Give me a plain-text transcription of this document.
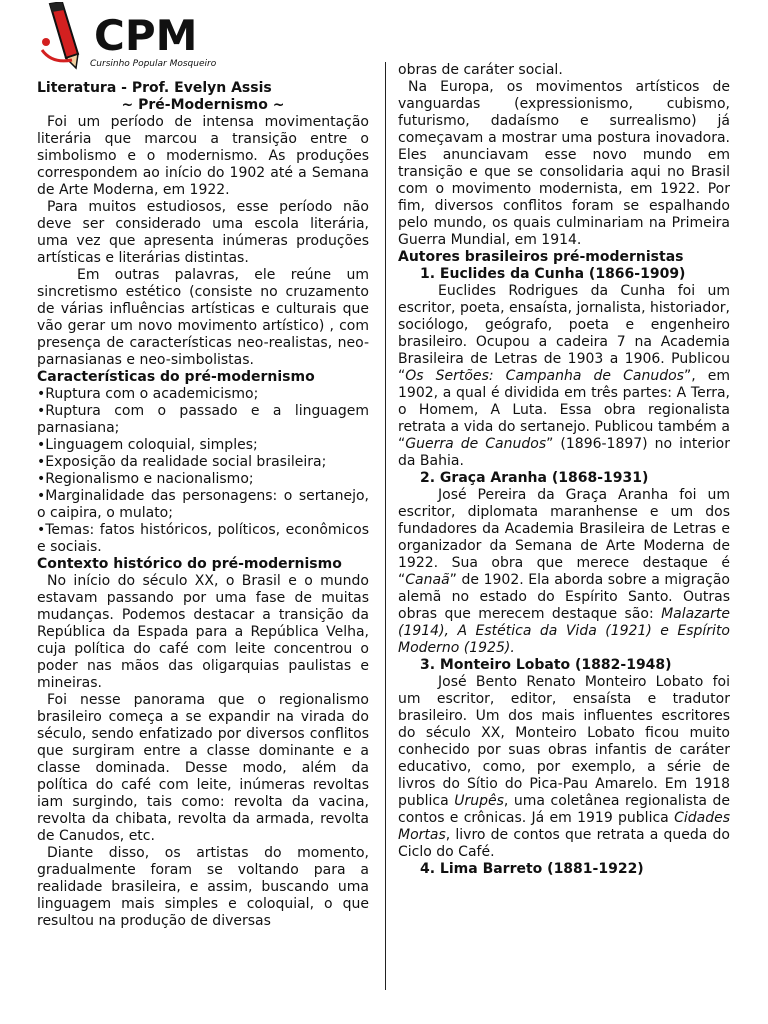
CPM
Cursinho Popular Mosqueiro

Literatura - Prof. Evelyn Assis

~ Pré-Modernismo ~

Foi um período de intensa movimentação literária que marcou a transição entre o simbolismo e o modernismo. As produções correspondem ao início do 1902 até a Semana de Arte Moderna, em 1922.

Para muitos estudiosos, esse período não deve ser considerado uma escola literária, uma vez que apresenta inúmeras produções artísticas e literárias distintas.

Em outras palavras, ele reúne um sincretismo estético (consiste no cruzamento de várias influências artísticas e culturais que vão gerar um novo movimento artístico) , com presença de características neo-realistas, neo-parnasianas e neo-simbolistas.

Características do pré-modernismo

•Ruptura com o academicismo;

•Ruptura com o passado e a linguagem parnasiana;

•Linguagem coloquial, simples;

•Exposição da realidade social brasileira;

•Regionalismo e nacionalismo;

•Marginalidade das personagens: o sertanejo, o caipira, o mulato;

•Temas: fatos históricos, políticos, econômicos e sociais.

Contexto histórico do pré-modernismo

No início do século XX, o Brasil e o mundo estavam passando por uma fase de muitas mudanças. Podemos destacar a transição da República da Espada para a República Velha, cuja política do café com leite concentrou o poder nas mãos das oligarquias paulistas e mineiras.

Foi nesse panorama que o regionalismo brasileiro começa a se expandir na virada do século, sendo enfatizado por diversos conflitos que surgiram entre a classe dominante e a classe dominada. Desse modo, além da política do café com leite, inúmeras revoltas iam surgindo, tais como: revolta da vacina, revolta da chibata, revolta da armada, revolta de Canudos, etc.

Diante disso, os artistas do momento, gradualmente foram se voltando para a realidade brasileira, e assim, buscando uma linguagem mais simples e coloquial, o que resultou na produção de diversas

obras de caráter social.

Na Europa, os movimentos artísticos de vanguardas (expressionismo, cubismo, futurismo, dadaísmo e surrealismo) já começavam a mostrar uma postura inovadora. Eles anunciavam esse novo mundo em transição e que se consolidaria aqui no Brasil com o movimento modernista, em 1922. Por fim, diversos conflitos foram se espalhando pelo mundo, os quais culminariam na Primeira Guerra Mundial, em 1914.

Autores brasileiros pré-modernistas

1. Euclides da Cunha (1866-1909)

Euclides Rodrigues da Cunha foi um escritor, poeta, ensaísta, jornalista, historiador, sociólogo, geógrafo, poeta e engenheiro brasileiro. Ocupou a cadeira 7 na Academia Brasileira de Letras de 1903 a 1906. Publicou “Os Sertões: Campanha de Canudos”, em 1902, a qual é dividida em três partes: A Terra, o Homem, A Luta. Essa obra regionalista retrata a vida do sertanejo. Publicou também a “Guerra de Canudos” (1896-1897) no interior da Bahia.

2. Graça Aranha (1868-1931)

José Pereira da Graça Aranha foi um escritor, diplomata maranhense e um dos fundadores da Academia Brasileira de Letras e organizador da Semana de Arte Moderna de 1922. Sua obra que merece destaque é “Canaã” de 1902. Ela aborda sobre a migração alemã no estado do Espírito Santo. Outras obras que merecem destaque são: Malazarte (1914), A Estética da Vida (1921) e Espírito Moderno (1925).

3. Monteiro Lobato (1882-1948)

José Bento Renato Monteiro Lobato foi um escritor, editor, ensaísta e tradutor brasileiro. Um dos mais influentes escritores do século XX, Monteiro Lobato ficou muito conhecido por suas obras infantis de caráter educativo, como, por exemplo, a série de livros do Sítio do Pica-Pau Amarelo. Em 1918 publica Urupês, uma coletânea regionalista de contos e crônicas. Já em 1919 publica Cidades Mortas, livro de contos que retrata a queda do Ciclo do Café.

4. Lima Barreto (1881-1922)
